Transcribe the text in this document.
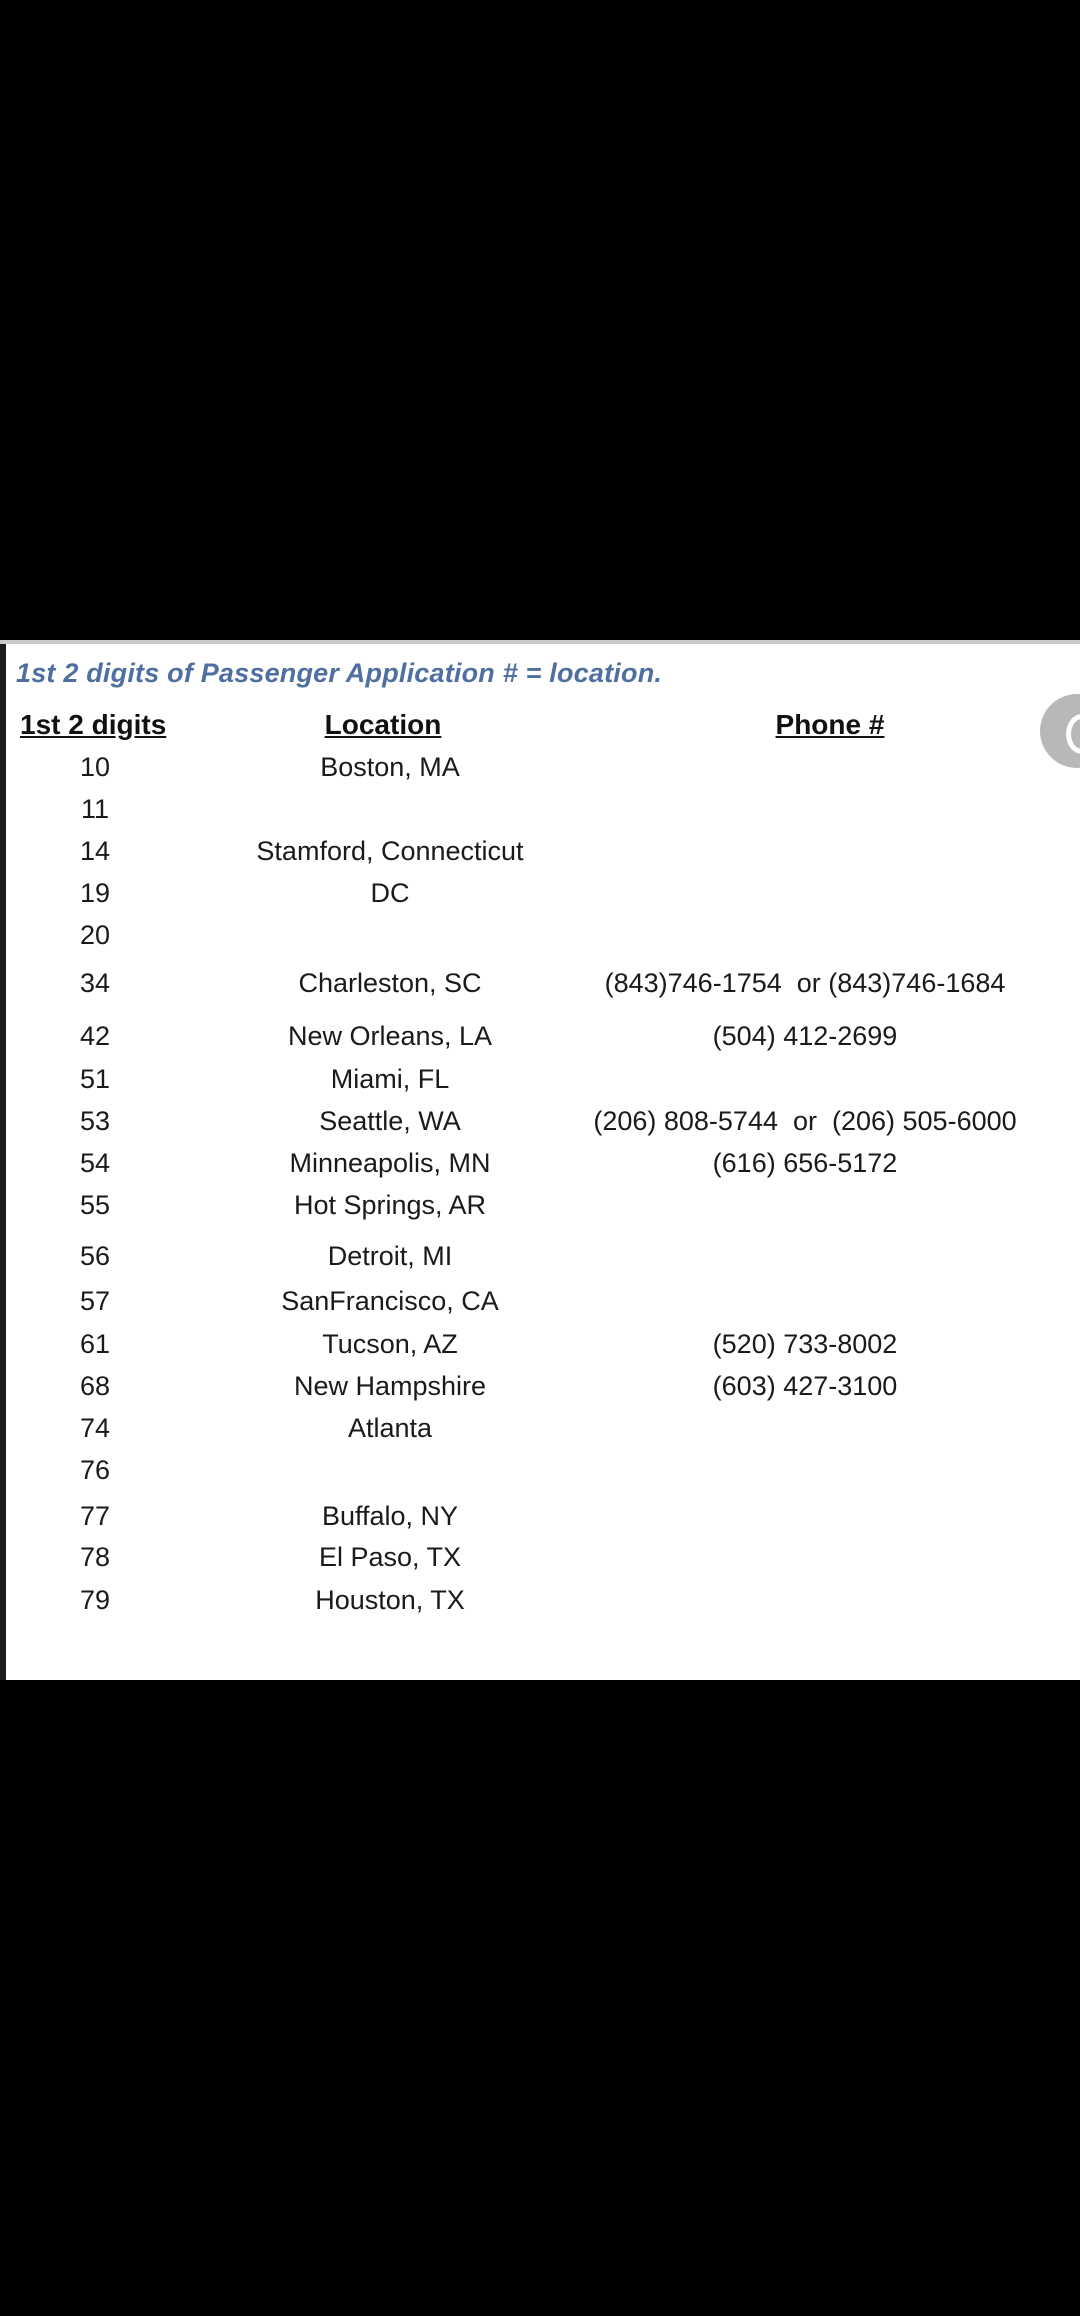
1st 2 digits of Passenger Application # = location.
1st 2 digits	Location	Phone #
10	Boston, MA
11
14	Stamford, Connecticut
19	DC
20
34	Charleston, SC	(843)746-1754  or (843)746-1684
42	New Orleans, LA	(504) 412-2699
51	Miami, FL
53	Seattle, WA	(206) 808-5744  or  (206) 505-6000
54	Minneapolis, MN	(616) 656-5172
55	Hot Springs, AR
56	Detroit, MI
57	SanFrancisco, CA
61	Tucson, AZ	(520) 733-8002
68	New Hampshire	(603) 427-3100
74	Atlanta
76
77	Buffalo, NY
78	El Paso, TX
79	Houston, TX
